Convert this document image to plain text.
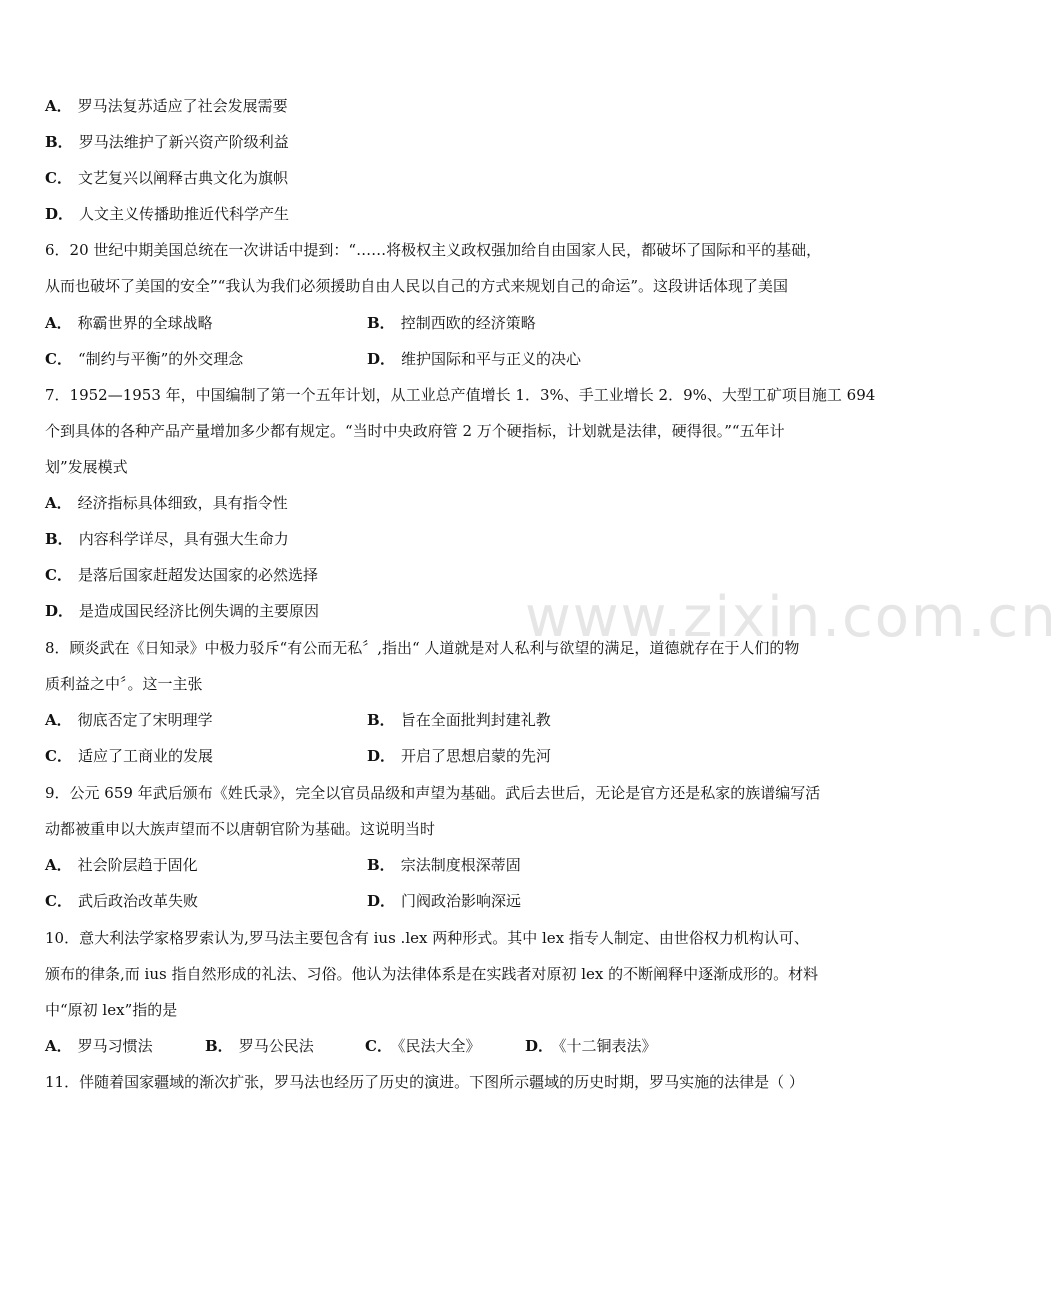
www.zixin.com.cn
A． 罗马法复苏适应了社会发展需要
B． 罗马法维护了新兴资产阶级利益
C． 文艺复兴以阐释古典文化为旗帜
D． 人文主义传播助推近代科学产生
6．20 世纪中期美国总统在一次讲话中提到：“……将极权主义政权强加给自由国家人民，都破坏了国际和平的基础，
从而也破坏了美国的安全”“我认为我们必须援助自由人民以自己的方式来规划自己的命运”。这段讲话体现了美国
A． 称霸世界的全球战略	B． 控制西欧的经济策略
C． “制约与平衡”的外交理念	D． 维护国际和平与正义的决心
7．1952—1953 年，中国编制了第一个五年计划，从工业总产值增长 1．3%、手工业增长 2．9%、大型工矿项目施工 694
个到具体的各种产品产量增加多少都有规定。“当时中央政府管 2 万个硬指标，计划就是法律，硬得很。”“五年计
划”发展模式
A． 经济指标具体细致，具有指令性
B． 内容科学详尽，具有强大生命力
C． 是落后国家赶超发达国家的必然选择
D． 是造成国民经济比例失调的主要原因
8．顾炎武在《日知录》中极力驳斥“有公而无私〞,指出“ 人道就是对人私利与欲望的满足，道德就存在于人们的物
质利益之中〞。这一主张
A． 彻底否定了宋明理学	B． 旨在全面批判封建礼教
C． 适应了工商业的发展	D． 开启了思想启蒙的先河
9．公元 659 年武后颁布《姓氏录》，完全以官员品级和声望为基础。武后去世后，无论是官方还是私家的族谱编写活
动都被重申以大族声望而不以唐朝官阶为基础。这说明当时
A． 社会阶层趋于固化	B． 宗法制度根深蒂固
C． 武后政治改革失败	D． 门阀政治影响深远
10．意大利法学家格罗索认为,罗马法主要包含有 ius .lex 两种形式。其中 lex 指专人制定、由世俗权力机构认可、
颁布的律条,而 ius 指自然形成的礼法、习俗。他认为法律体系是在实践者对原初 lex 的不断阐释中逐渐成形的。材料
中“原初 lex”指的是
A． 罗马习惯法	B． 罗马公民法	C． 《民法大全》	D． 《十二铜表法》
11．伴随着国家疆域的渐次扩张，罗马法也经历了历史的演进。下图所示疆域的历史时期，罗马实施的法律是（ ）
